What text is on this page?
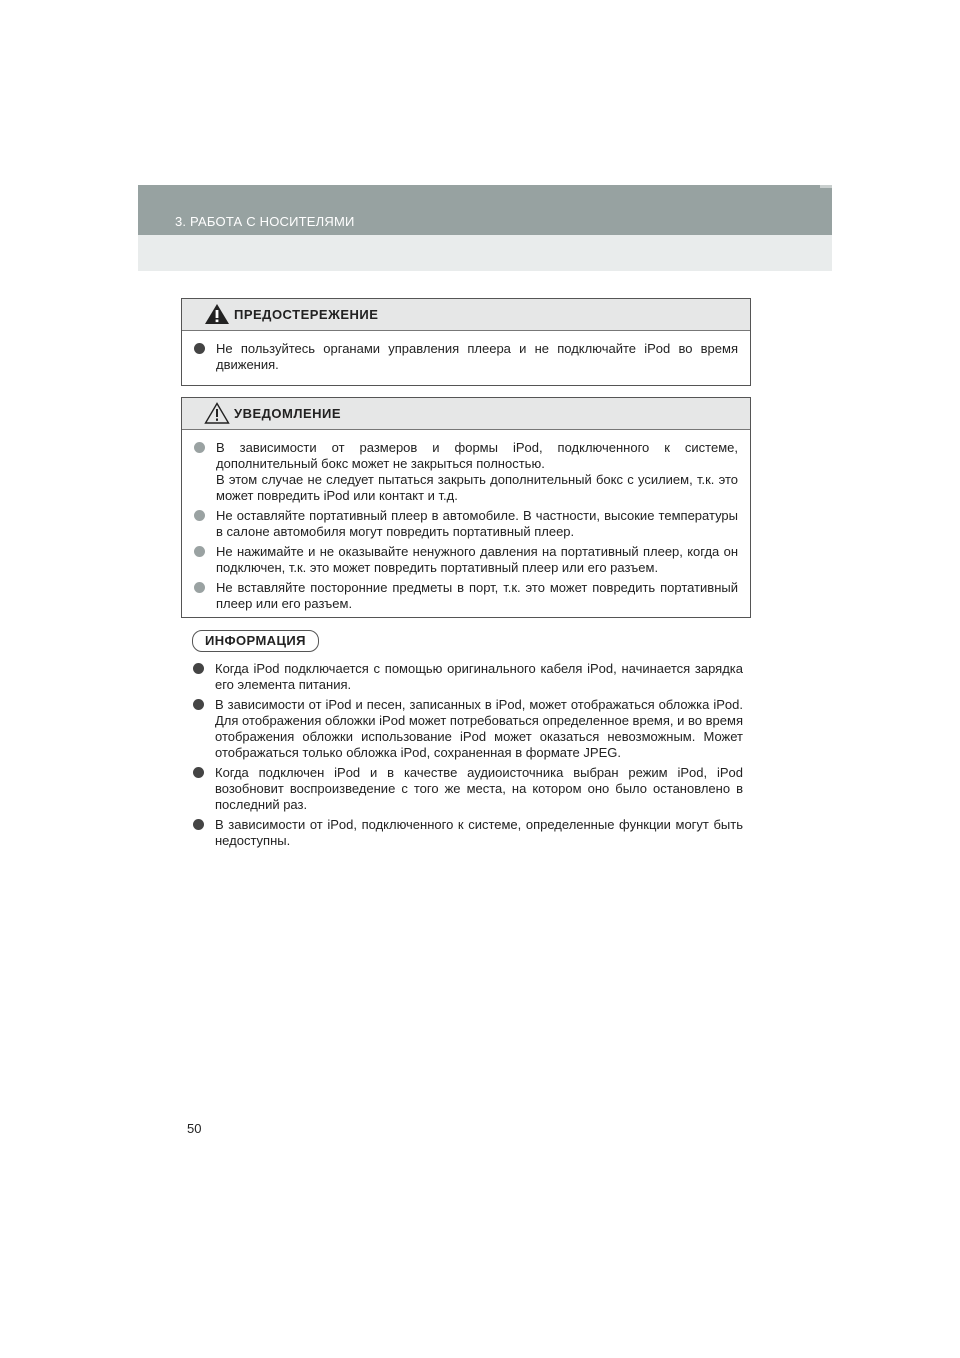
3. РАБОТА С НОСИТЕЛЯМИ
ПРЕДОСТЕРЕЖЕНИЕ
Не пользуйтесь органами управления плеера и не подключайте iPod во время движения.
УВЕДОМЛЕНИЕ
В зависимости от размеров и формы iPod, подключенного к системе, дополнительный бокс может не закрыться полностью.
В этом случае не следует пытаться закрыть дополнительный бокс с усилием, т.к. это может повредить iPod или контакт и т.д.
Не оставляйте портативный плеер в автомобиле. В частности, высокие температуры в салоне автомобиля могут повредить портативный плеер.
Не нажимайте и не оказывайте ненужного давления на портативный плеер, когда он подключен, т.к. это может повредить портативный плеер или его разъем.
Не вставляйте посторонние предметы в порт, т.к. это может повредить портативный плеер или его разъем.
ИНФОРМАЦИЯ
Когда iPod подключается с помощью оригинального кабеля iPod, начинается зарядка его элемента питания.
В зависимости от iPod и песен, записанных в iPod, может отображаться обложка iPod. Для отображения обложки iPod может потребоваться определенное время, и во время отображения обложки использование iPod может оказаться невозможным. Может отображаться только обложка iPod, сохраненная в формате JPEG.
Когда подключен iPod и в качестве аудиоисточника выбран режим iPod, iPod возобновит воспроизведение с того же места, на котором оно было остановлено в последний раз.
В зависимости от iPod, подключенного к системе, определенные функции могут быть недоступны.
50
